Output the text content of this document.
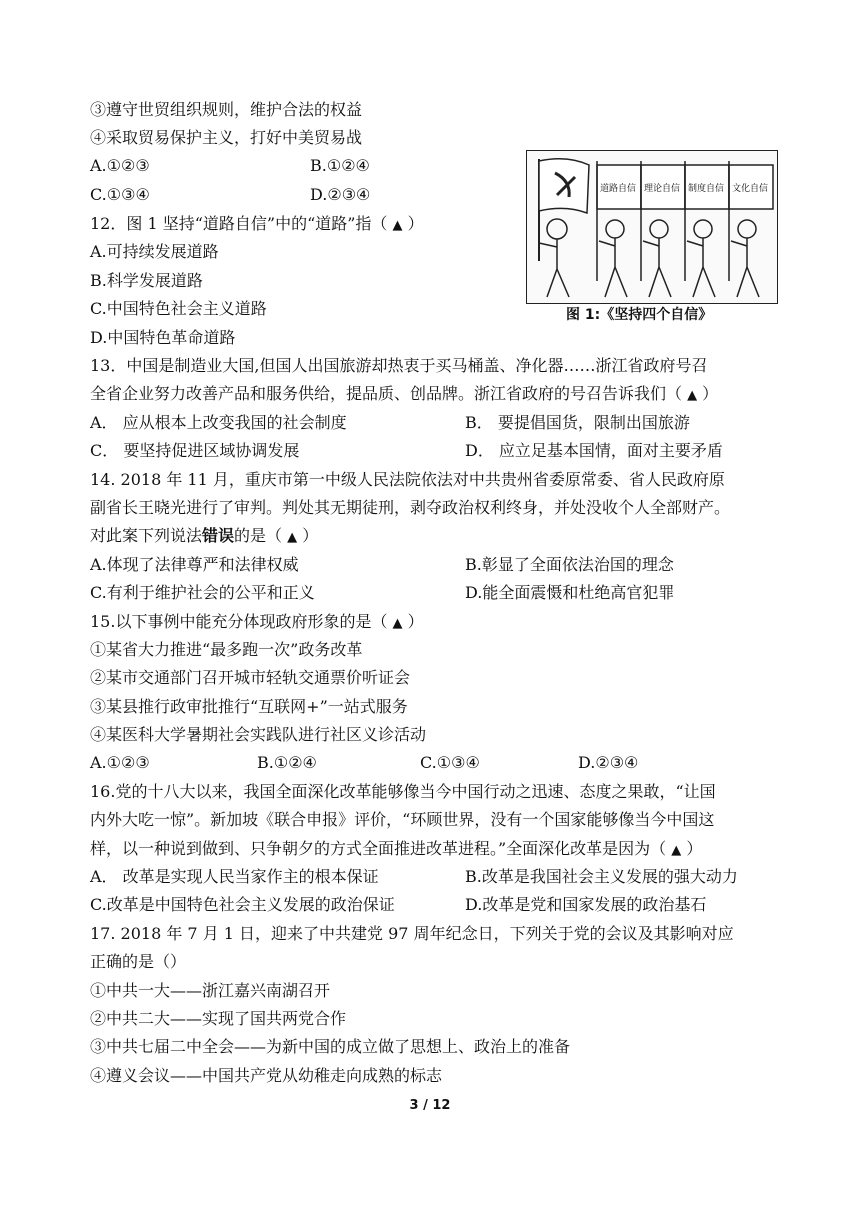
③遵守世贸组织规则，维护合法的权益
④采取贸易保护主义，打好中美贸易战
A.①②③	B.①②④
C.①③④	D.②③④	道路自信 理论自信 制度自信 文化自信
图 1:《坚持四个自信》
12．图 1 坚持“道路自信”中的“道路”指（ ▲ ）
A.可持续发展道路
B.科学发展道路
C.中国特色社会主义道路
D.中国特色革命道路
13．中国是制造业大国,但国人出国旅游却热衷于买马桶盖、净化器……浙江省政府号召
全省企业努力改善产品和服务供给，提品质、创品牌。浙江省政府的号召告诉我们（ ▲ ）
A． 应从根本上改变我国的社会制度	B． 要提倡国货，限制出国旅游
C． 要坚持促进区域协调发展	D． 应立足基本国情，面对主要矛盾
14. 2018 年 11 月，重庆市第一中级人民法院依法对中共贵州省委原常委、省人民政府原
副省长王晓光进行了审判。判处其无期徒刑，剥夺政治权利终身，并处没收个人全部财产。
对此案下列说法错误的是（ ▲ ）
A.体现了法律尊严和法律权威	B.彰显了全面依法治国的理念
C.有利于维护社会的公平和正义	D.能全面震慑和杜绝高官犯罪
15.以下事例中能充分体现政府形象的是（ ▲ ）
①某省大力推进“最多跑一次”政务改革
②某市交通部门召开城市轻轨交通票价听证会
③某县推行政审批推行“互联网+”一站式服务
④某医科大学暑期社会实践队进行社区义诊活动
A.①②③	B.①②④	C.①③④	D.②③④
16.党的十八大以来，我国全面深化改革能够像当今中国行动之迅速、态度之果敢，“让国
内外大吃一惊”。新加坡《联合申报》评价，“环顾世界，没有一个国家能够像当今中国这
样，以一种说到做到、只争朝夕的方式全面推进改革进程。”全面深化改革是因为（ ▲ ）
A． 改革是实现人民当家作主的根本保证	B.改革是我国社会主义发展的强大动力
C.改革是中国特色社会主义发展的政治保证	D.改革是党和国家发展的政治基石
17. 2018 年 7 月 1 日，迎来了中共建党 97 周年纪念日，下列关于党的会议及其影响对应
正确的是（）
①中共一大——浙江嘉兴南湖召开
②中共二大——实现了国共两党合作
③中共七届二中全会——为新中国的成立做了思想上、政治上的准备
④遵义会议——中国共产党从幼稚走向成熟的标志
3 / 12
